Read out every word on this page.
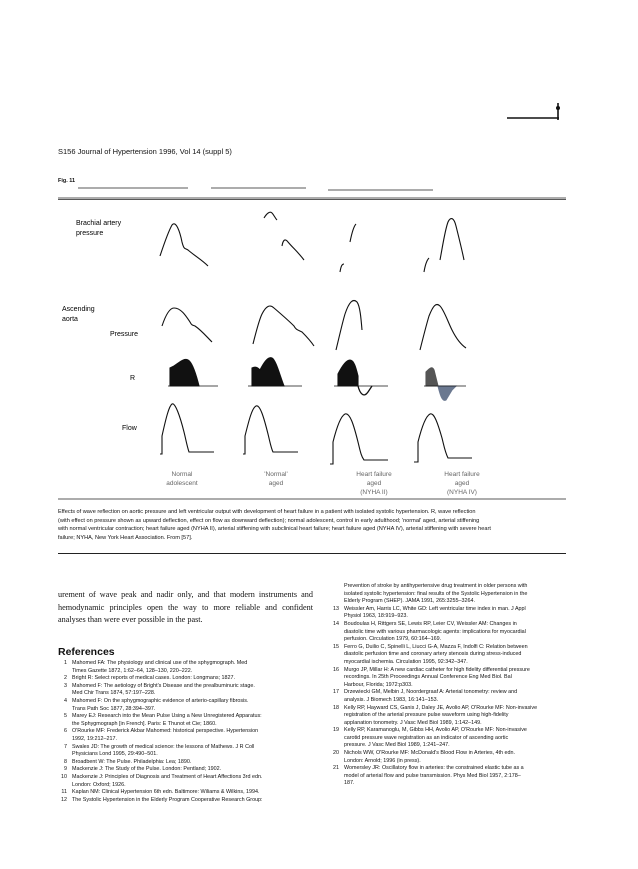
S156 Journal of Hypertension 1996, Vol 14 (suppl 5)
Fig. 11
Brachial artery
pressure
Ascending
aorta
Pressure
R
Flow
Normal
adolescent
'Normal'
aged
Heart failure
aged
(NYHA II)
Heart failure
aged
(NYHA IV)
Effects of wave reflection on aortic pressure and left ventricular output with development of heart failure in a patient with isolated systolic hypertension. R, wave reflection
(with effect on pressure shown as upward deflection, effect on flow as downward deflection); normal adolescent, control in early adulthood; 'normal' aged, arterial stiffening
with normal ventricular contraction; heart failure aged (NYHA II), arterial stiffening with subclinical heart failure; heart failure aged (NYHA IV), arterial stiffening with severe heart
failure; NYHA, New York Heart Association. From [57].
urement of wave peak and nadir only, and that modern instruments and hemodynamic principles open the way to more reliable and confident analyses than were ever possible in the past.
References
1 Mahomed FA: The physiology and clinical use of the sphygmograph. Med
Times Gazette 1872, 1:62–64, 128–130, 220–222.
2 Bright R: Select reports of medical cases. London: Longmans; 1827.
3 Mahomed F: The aetiology of Bright's Disease and the prealbuminuric stage.
Med Chir Trans 1874, 57:197–228.
4 Mahomed F: On the sphygmographic evidence of arterio-capillary fibrosis.
Trans Path Soc 1877, 28:394–397.
5 Marey EJ: Research into the Mean Pulse Using a New Unregistered Apparatus:
the Sphygmograph [in French]. Paris: E Thunot et Cie; 1860.
6 O'Rourke MF: Frederick Akbar Mahomed: historical perspective. Hypertension
1992, 19:212–217.
7 Swales JD: The growth of medical science: the lessons of Mathews. J R Coll
Physicians Lond 1995, 29:490–501.
8 Broadbent W: The Pulse. Philadelphia: Lea; 1890.
9 Mackenzie J: The Study of the Pulse. London: Pentland; 1902.
10 Mackenzie J: Principles of Diagnosis and Treatment of Heart Affections 3rd edn.
London: Oxford; 1926.
11 Kaplan NM: Clinical Hypertension 6th edn. Baltimore: Wiliams & Wilkins, 1994.
12 The Systolic Hypertension in the Elderly Program Cooperative Research Group:
Prevention of stroke by antihypertensive drug treatment in older persons with
isolated systolic hypertension: final results of the Systolic Hypertension in the
Elderly Program (SHEP). JAMA 1991, 265:3255–3264.
13 Weissler Am, Harris LC, White GD: Left ventricular time index in man. J Appl
Physiol 1963, 18:919–923.
14 Boudoulas H, Rittgers SE, Lewis RP, Leier CV, Weissler AM: Changes in
diastolic time with various pharmacologic agents: implications for myocardial
perfusion. Circulation 1979, 60:164–169.
15 Ferro G, Duilio C, Spinelli L, Liucci G-A, Mazza F, Indolfi C: Relation between
diastolic perfusion time and coronary artery stenosis during stress-induced
myocardial ischemia. Circulation 1995, 92:342–347.
16 Murgo JP, Millar H: A new cardiac catheter for high fidelity differential pressure
recordings. In 25th Proceedings Annual Conference Eng Med Biol. Bal
Harbour, Florida; 1972:p303.
17 Drzewiecki GM, Melbin J, Noordergraaf A: Arterial tonometry: review and
analysis. J Biomech 1983, 16:141–153.
18 Kelly RP, Hayward CS, Ganis J, Daley JE, Avolio AP, O'Rourke MF: Non-invasive
registration of the arterial pressure pulse waveform using high-fidelity
applanation tonometry. J Vasc Med Biol 1989, 1:142–149.
19 Kelly RP, Karamanoglu, M, Gibbs HH, Avolio AP, O'Rourke MF: Non-invasive
carotid pressure wave registration as an indicator of ascending aortic
pressure. J Vasc Med Biol 1989, 1:241–247.
20 Nichols WW, O'Rourke MF: McDonald's Blood Flow in Arteries, 4th edn.
London: Arnold; 1996 (in press).
21 Womersley JR: Oscillatory flow in arteries: the constrained elastic tube as a
model of arterial flow and pulse transmission. Phys Med Biol 1957, 2:178–
187.
